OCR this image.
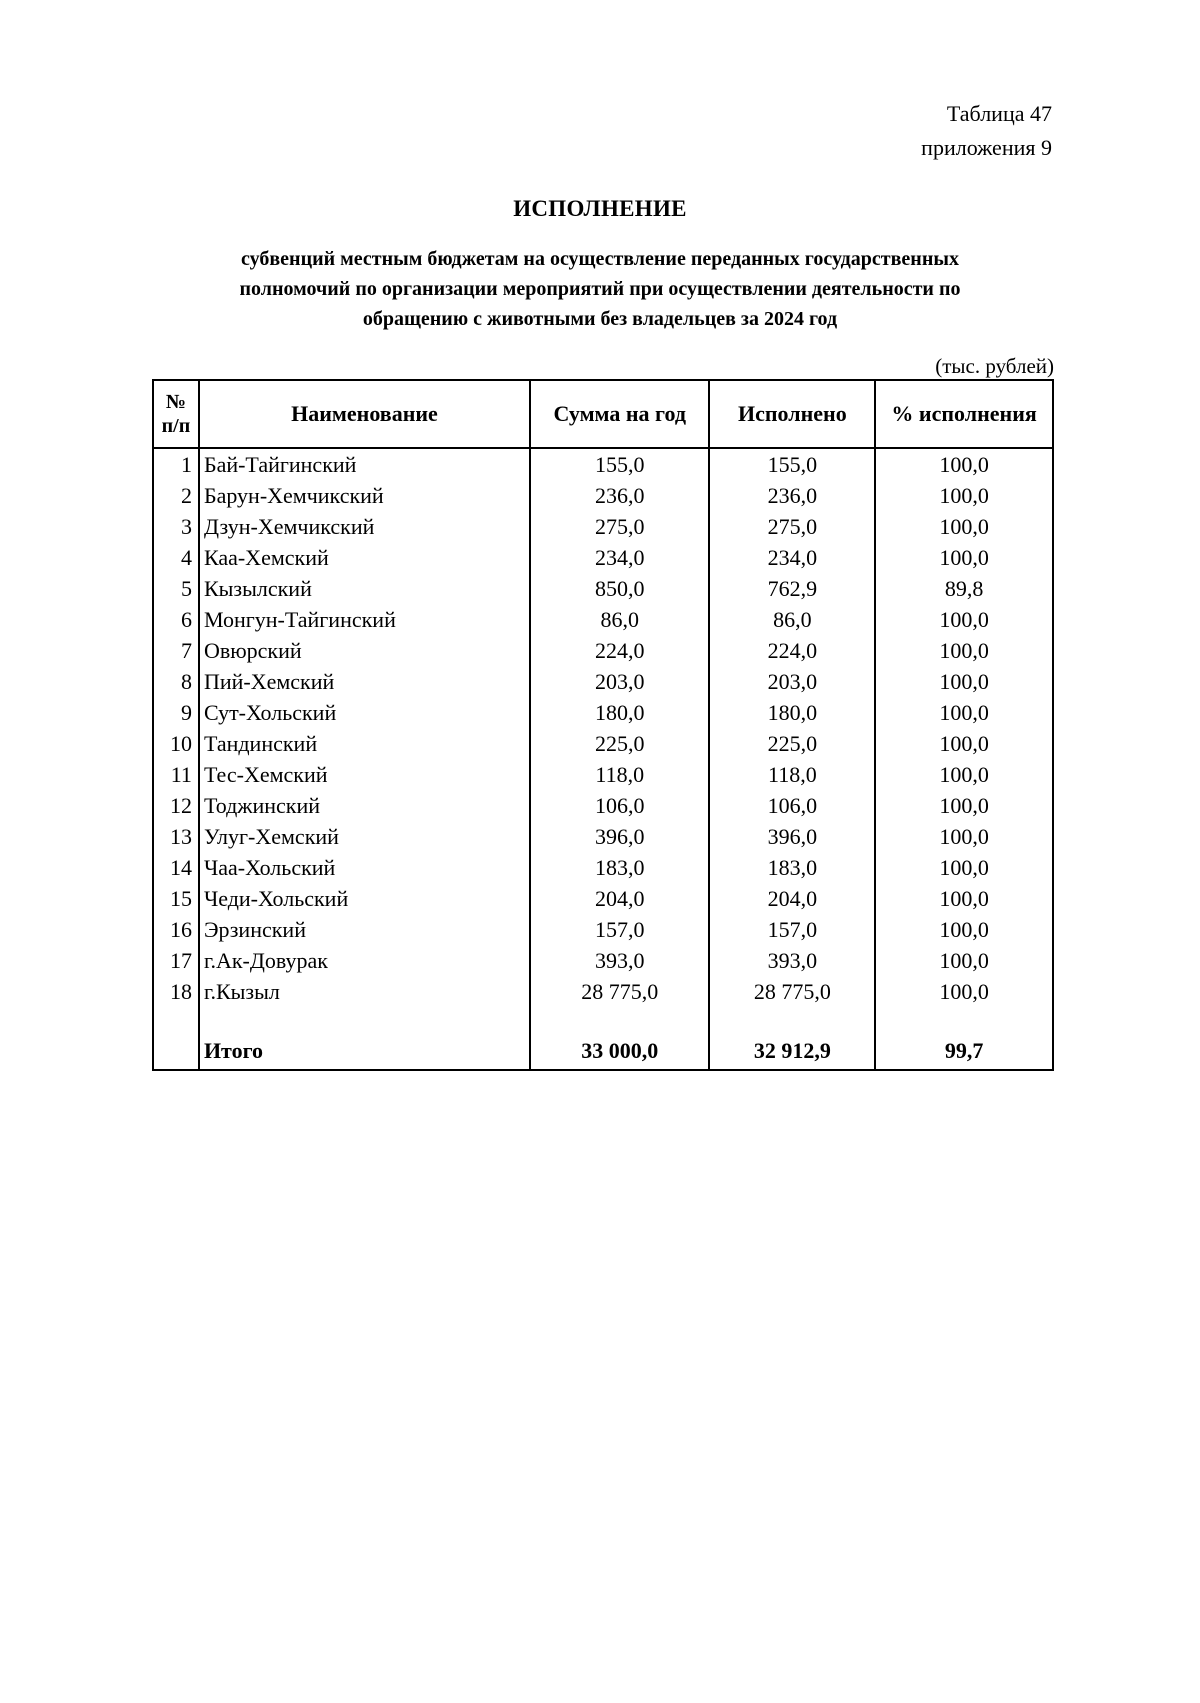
Таблица 47
приложения 9
ИСПОЛНЕНИЕ
субвенций местным бюджетам на осуществление переданных государственных
полномочий по организации мероприятий при осуществлении деятельности по
обращению с животными без владельцев за 2024 год
(тыс. рублей)
№
п/п	Наименование	Сумма на год	Исполнено	% исполнения
1	Бай-Тайгинский	155,0	155,0	100,0
2	Барун-Хемчикский	236,0	236,0	100,0
3	Дзун-Хемчикский	275,0	275,0	100,0
4	Каа-Хемский	234,0	234,0	100,0
5	Кызылский	850,0	762,9	89,8
6	Монгун-Тайгинский	86,0	86,0	100,0
7	Овюрский	224,0	224,0	100,0
8	Пий-Хемский	203,0	203,0	100,0
9	Сут-Хольский	180,0	180,0	100,0
10	Тандинский	225,0	225,0	100,0
11	Тес-Хемский	118,0	118,0	100,0
12	Тоджинский	106,0	106,0	100,0
13	Улуг-Хемский	396,0	396,0	100,0
14	Чаа-Хольский	183,0	183,0	100,0
15	Чеди-Хольский	204,0	204,0	100,0
16	Эрзинский	157,0	157,0	100,0
17	г.Ак-Довурак	393,0	393,0	100,0
18	г.Кызыл	28 775,0	28 775,0	100,0

	Итого	33 000,0	32 912,9	99,7
